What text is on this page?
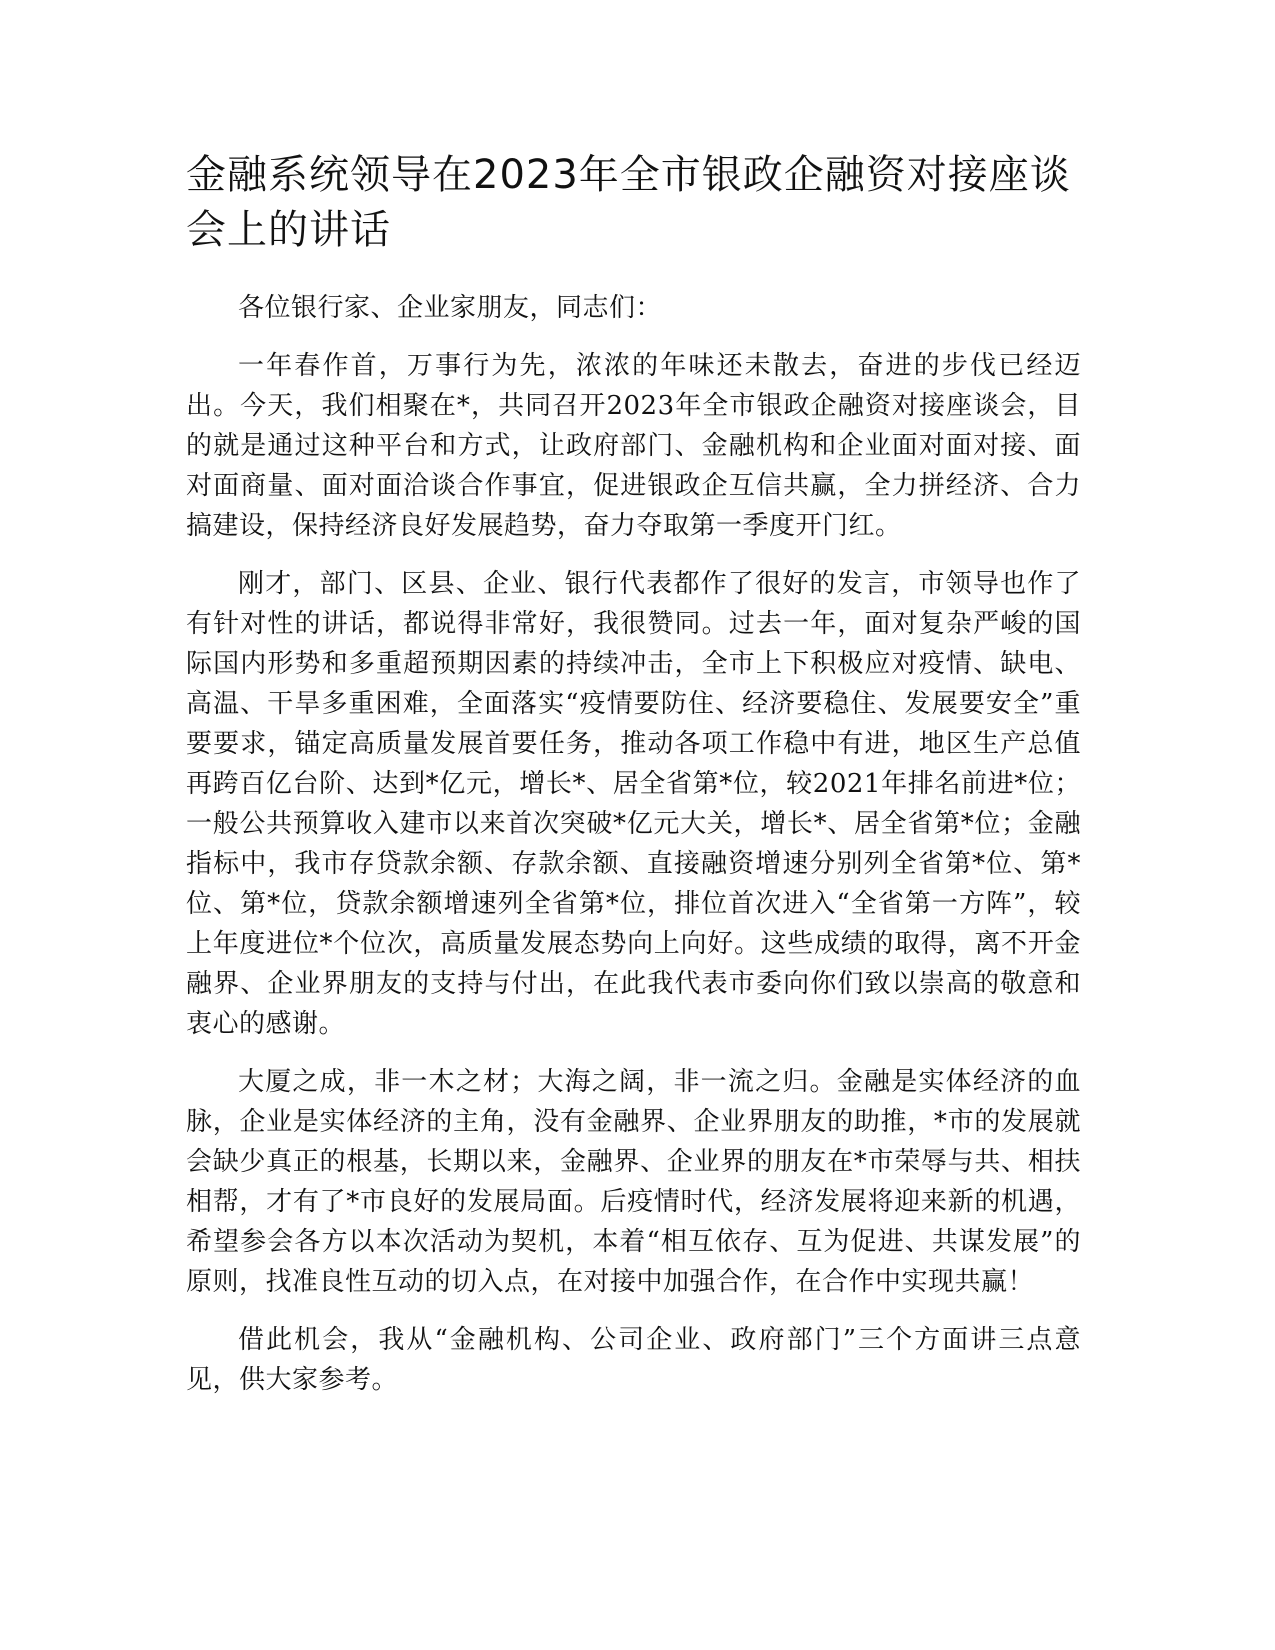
金融系统领导在2023年全市银政企融资对接座谈会上的讲话

各位银行家、企业家朋友，同志们：

一年春作首，万事行为先，浓浓的年味还未散去，奋进的步伐已经迈出。今天，我们相聚在*，共同召开2023年全市银政企融资对接座谈会，目的就是通过这种平台和方式，让政府部门、金融机构和企业面对面对接、面对面商量、面对面洽谈合作事宜，促进银政企互信共赢，全力拼经济、合力搞建设，保持经济良好发展趋势，奋力夺取第一季度开门红。

刚才，部门、区县、企业、银行代表都作了很好的发言，市领导也作了有针对性的讲话，都说得非常好，我很赞同。过去一年，面对复杂严峻的国际国内形势和多重超预期因素的持续冲击，全市上下积极应对疫情、缺电、高温、干旱多重困难，全面落实“疫情要防住、经济要稳住、发展要安全”重要要求，锚定高质量发展首要任务，推动各项工作稳中有进，地区生产总值再跨百亿台阶、达到*亿元，增长*、居全省第*位，较2021年排名前进*位；一般公共预算收入建市以来首次突破*亿元大关，增长*、居全省第*位；金融指标中，我市存贷款余额、存款余额、直接融资增速分别列全省第*位、第*位、第*位，贷款余额增速列全省第*位，排位首次进入“全省第一方阵”，较上年度进位*个位次，高质量发展态势向上向好。这些成绩的取得，离不开金融界、企业界朋友的支持与付出，在此我代表市委向你们致以崇高的敬意和衷心的感谢。

大厦之成，非一木之材；大海之阔，非一流之归。金融是实体经济的血脉，企业是实体经济的主角，没有金融界、企业界朋友的助推，*市的发展就会缺少真正的根基，长期以来，金融界、企业界的朋友在*市荣辱与共、相扶相帮，才有了*市良好的发展局面。后疫情时代，经济发展将迎来新的机遇，希望参会各方以本次活动为契机，本着“相互依存、互为促进、共谋发展”的原则，找准良性互动的切入点，在对接中加强合作，在合作中实现共赢！

借此机会，我从“金融机构、公司企业、政府部门”三个方面讲三点意见，供大家参考。
